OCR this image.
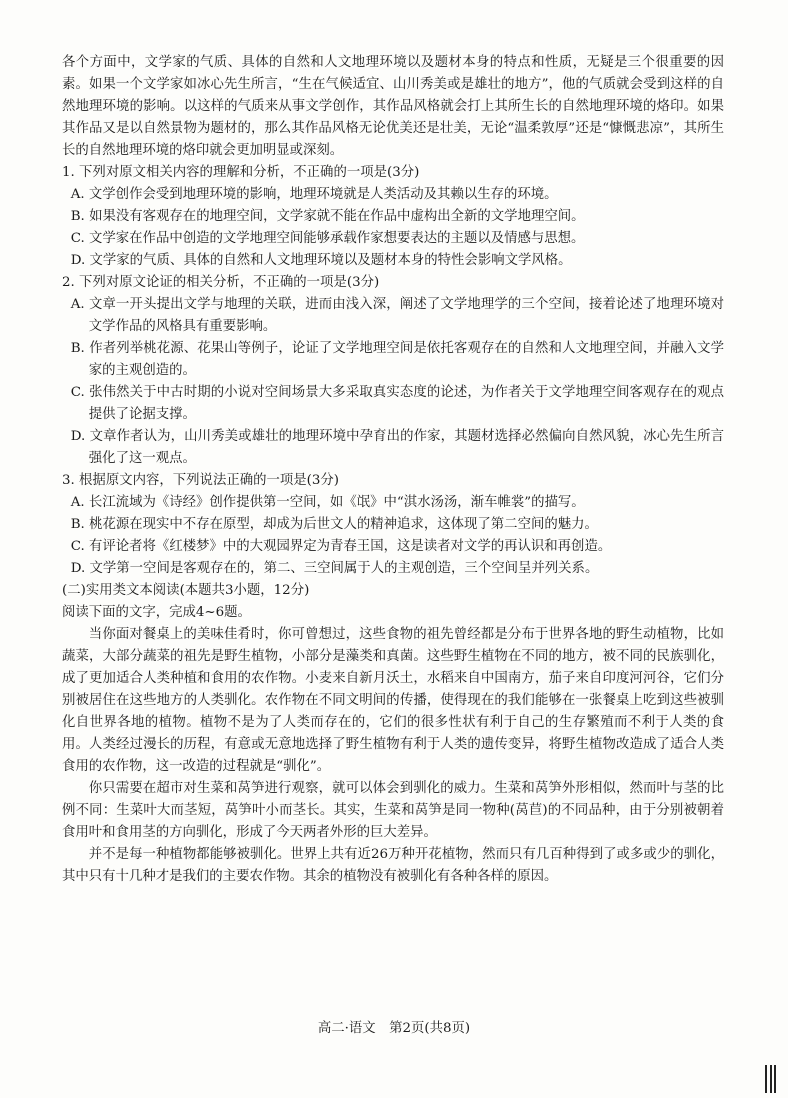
各个方面中，文学家的气质、具体的自然和人文地理环境以及题材本身的特点和性质，无疑是三个很重要的因素。如果一个文学家如冰心先生所言，“生在气候适宜、山川秀美或是雄壮的地方”，他的气质就会受到这样的自然地理环境的影响。以这样的气质来从事文学创作，其作品风格就会打上其所生长的自然地理环境的烙印。如果其作品又是以自然景物为题材的，那么其作品风格无论优美还是壮美，无论“温柔敦厚”还是“慷慨悲凉”，其所生长的自然地理环境的烙印就会更加明显或深刻。

1. 下列对原文相关内容的理解和分析，不正确的一项是(3分)

A. 文学创作会受到地理环境的影响，地理环境就是人类活动及其赖以生存的环境。

B. 如果没有客观存在的地理空间，文学家就不能在作品中虚构出全新的文学地理空间。

C. 文学家在作品中创造的文学地理空间能够承载作家想要表达的主题以及情感与思想。

D. 文学家的气质、具体的自然和人文地理环境以及题材本身的特性会影响文学风格。

2. 下列对原文论证的相关分析，不正确的一项是(3分)

A. 文章一开头提出文学与地理的关联，进而由浅入深，阐述了文学地理学的三个空间，接着论述了地理环境对文学作品的风格具有重要影响。

B. 作者列举桃花源、花果山等例子，论证了文学地理空间是依托客观存在的自然和人文地理空间，并融入文学家的主观创造的。

C. 张伟然关于中古时期的小说对空间场景大多采取真实态度的论述，为作者关于文学地理空间客观存在的观点提供了论据支撑。

D. 文章作者认为，山川秀美或雄壮的地理环境中孕育出的作家，其题材选择必然偏向自然风貌，冰心先生所言强化了这一观点。

3. 根据原文内容，下列说法正确的一项是(3分)

A. 长江流域为《诗经》创作提供第一空间，如《氓》中“淇水汤汤，渐车帷裳”的描写。

B. 桃花源在现实中不存在原型，却成为后世文人的精神追求，这体现了第二空间的魅力。

C. 有评论者将《红楼梦》中的大观园界定为青春王国，这是读者对文学的再认识和再创造。

D. 文学第一空间是客观存在的，第二、三空间属于人的主观创造，三个空间呈并列关系。

(二)实用类文本阅读(本题共3小题，12分)

阅读下面的文字，完成4~6题。

当你面对餐桌上的美味佳肴时，你可曾想过，这些食物的祖先曾经都是分布于世界各地的野生动植物，比如蔬菜，大部分蔬菜的祖先是野生植物，小部分是藻类和真菌。这些野生植物在不同的地方，被不同的民族驯化，成了更加适合人类种植和食用的农作物。小麦来自新月沃土，水稻来自中国南方，茄子来自印度河河谷，它们分别被居住在这些地方的人类驯化。农作物在不同文明间的传播，使得现在的我们能够在一张餐桌上吃到这些被驯化自世界各地的植物。植物不是为了人类而存在的，它们的很多性状有利于自己的生存繁殖而不利于人类的食用。人类经过漫长的历程，有意或无意地选择了野生植物有利于人类的遗传变异，将野生植物改造成了适合人类食用的农作物，这一改造的过程就是“驯化”。

你只需要在超市对生菜和莴笋进行观察，就可以体会到驯化的威力。生菜和莴笋外形相似，然而叶与茎的比例不同：生菜叶大而茎短，莴笋叶小而茎长。其实，生菜和莴笋是同一物种(莴苣)的不同品种，由于分别被朝着食用叶和食用茎的方向驯化，形成了今天两者外形的巨大差异。

并不是每一种植物都能够被驯化。世界上共有近26万种开花植物，然而只有几百种得到了或多或少的驯化，其中只有十几种才是我们的主要农作物。其余的植物没有被驯化有各种各样的原因。

高二·语文　第2页(共8页)
